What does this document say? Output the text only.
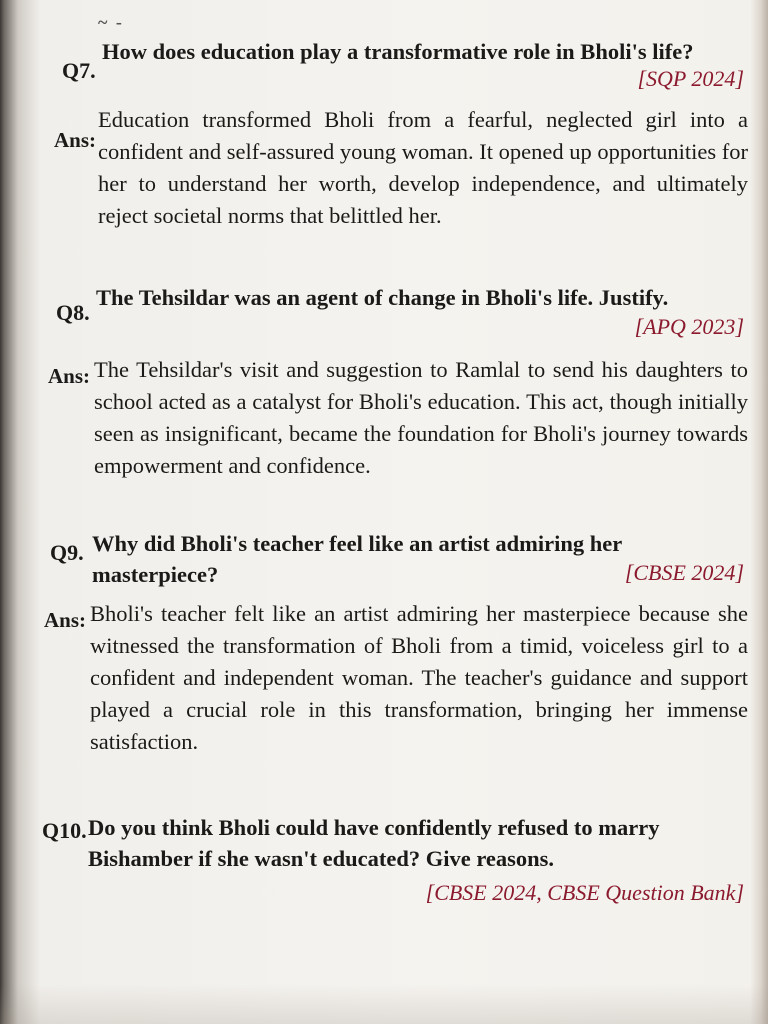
~ -
Q7.
How does education play a transformative role in Bholi's life?
[SQP 2024]
Ans:
Education transformed Bholi from a fearful, neglected girl into a confident and self-assured young woman. It opened up opportunities for her to understand her worth, develop independence, and ultimately reject societal norms that belittled her.
Q8.
The Tehsildar was an agent of change in Bholi's life. Justify.
[APQ 2023]
Ans: The Tehsildar's visit and suggestion to Ramlal to send his daughters to school acted as a catalyst for Bholi's education. This act, though initially seen as insignificant, became the foundation for Bholi's journey towards empowerment and confidence.
Q9. Why did Bholi's teacher feel like an artist admiring her masterpiece?	[CBSE 2024]
Ans: Bholi's teacher felt like an artist admiring her masterpiece because she witnessed the transformation of Bholi from a timid, voiceless girl to a confident and independent woman. The teacher's guidance and support played a crucial role in this transformation, bringing her immense satisfaction.
Q10. Do you think Bholi could have confidently refused to marry Bishamber if she wasn't educated? Give reasons.
[CBSE 2024, CBSE Question Bank]
